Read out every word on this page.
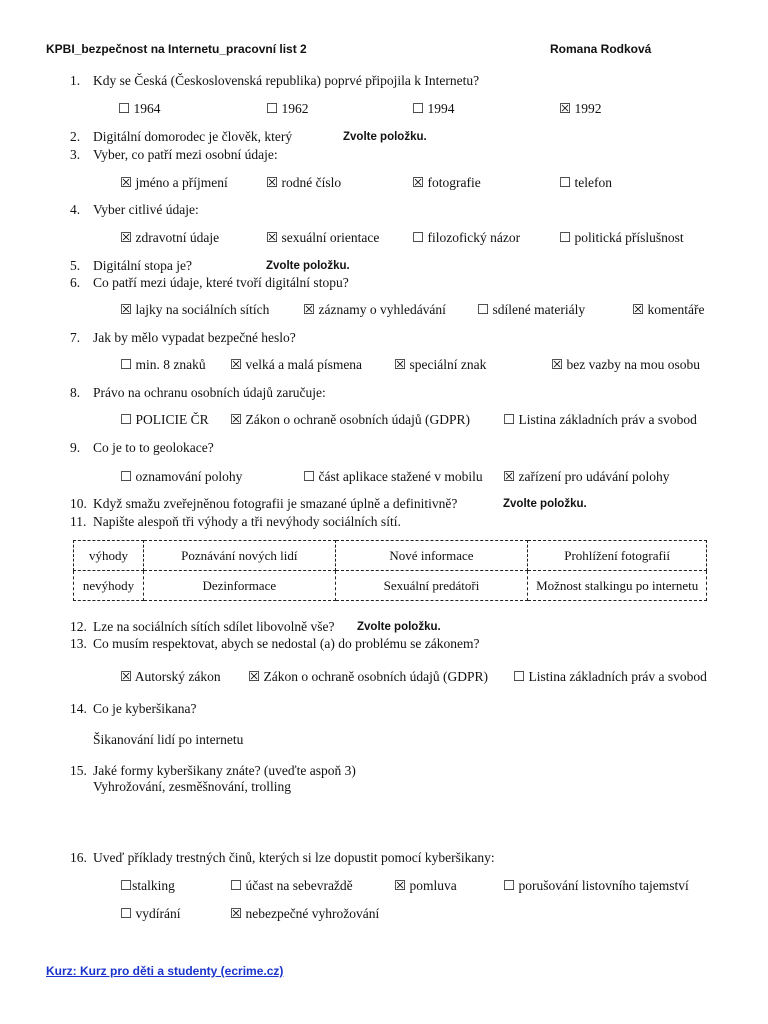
KPBI_bezpečnost na Internetu_pracovní list 2	Romana Rodková
1. Kdy se Česká (Československá republika) poprvé připojila k Internetu?
☐ 1964	☐ 1962	☐ 1994	☒ 1992
2. Digitální domorodec je člověk, který	Zvolte položku.
3. Vyber, co patří mezi osobní údaje:
☒ jméno a příjmení	☒ rodné číslo	☒ fotografie	☐ telefon
4. Vyber citlivé údaje:
☒ zdravotní údaje	☒ sexuální orientace ☐ filozofický názor	☐ politická příslušnost
5. Digitální stopa je?	Zvolte položku.
6. Co patří mezi údaje, které tvoří digitální stopu?
☒ lajky na sociálních sítích ☒ záznamy o vyhledávání ☐ sdílené materiály	☒ komentáře
7. Jak by mělo vypadat bezpečné heslo?
☐ min. 8 znaků ☒ velká a malá písmena ☒ speciální znak	☒ bez vazby na mou osobu
8. Právo na ochranu osobních údajů zaručuje:
☐ POLICIE ČR ☒ Zákon o ochraně osobních údajů (GDPR) ☐ Listina základních práv a svobod
9. Co je to to geolokace?
☐ oznamování polohy	☐ část aplikace stažené v mobilu ☒ zařízení pro udávání polohy
10. Když smažu zveřejněnou fotografii je smazané úplně a definitivně?	Zvolte položku.
11. Napište alespoň tři výhody a tři nevýhody sociálních sítí.
výhody	Poznávání nových lidí	Nové informace	Prohlížení fotografií
nevýhody	Dezinformace	Sexuální predátoři	Možnost stalkingu po internetu
12. Lze na sociálních sítích sdílet libovolně vše? Zvolte položku.
13. Co musím respektovat, abych se nedostal (a) do problému se zákonem?
☒ Autorský zákon ☒ Zákon o ochraně osobních údajů (GDPR) ☐ Listina základních práv a svobod
14. Co je kyberšikana?
Šikanování lidí po internetu
15. Jaké formy kyberšikany znáte? (uveďte aspoň 3)
Vyhrožování, zesměšnování, trolling
16. Uveď příklady trestných činů, kterých si lze dopustit pomocí kyberšikany:
☐stalking	☐ účast na sebevraždě	☒ pomluva	☐ porušování listovního tajemství
☐ vydírání	☒ nebezpečné vyhrožování
Kurz: Kurz pro děti a studenty (ecrime.cz)
